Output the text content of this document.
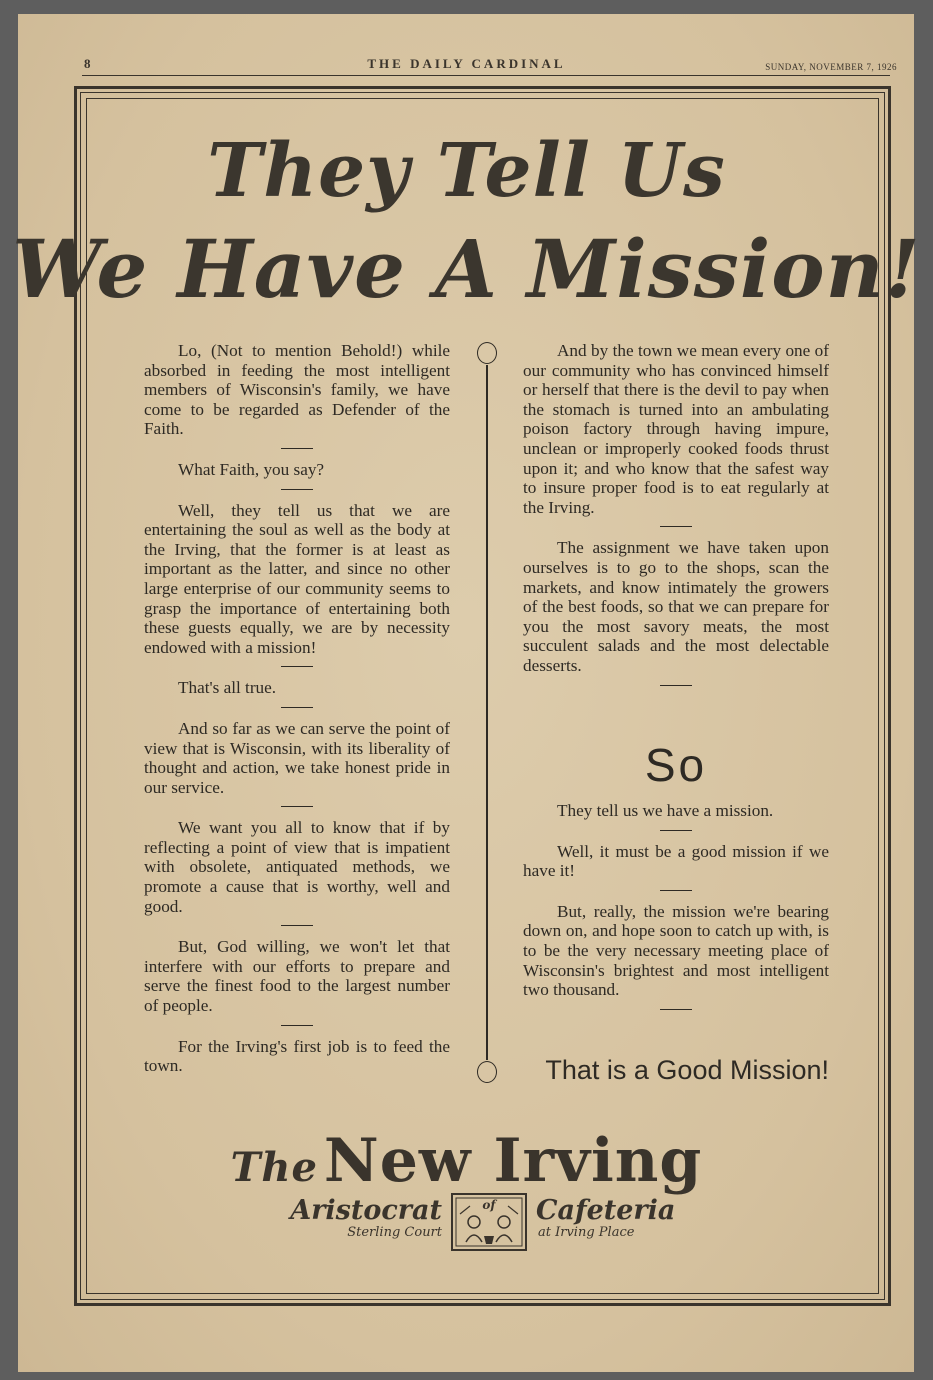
8	THE DAILY CARDINAL	SUNDAY, NOVEMBER 7, 1926
They Tell Us
We Have A Mission!

Lo, (Not to mention Behold!) while absorbed in feeding the most intelligent members of Wisconsin's family, we have come to be regarded as Defender of the Faith.

What Faith, you say?

Well, they tell us that we are entertaining the soul as well as the body at the Irving, that the former is at least as important as the latter, and since no other large enterprise of our community seems to grasp the importance of entertaining both these guests equally, we are by necessity endowed with a mission!

That's all true.

And so far as we can serve the point of view that is Wisconsin, with its liberality of thought and action, we take honest pride in our service.

We want you all to know that if by reflecting a point of view that is impatient with obsolete, antiquated methods, we promote a cause that is worthy, well and good.

But, God willing, we won't let that interfere with our efforts to prepare and serve the finest food to the largest number of people.

For the Irving's first job is to feed the town.

And by the town we mean every one of our community who has convinced himself or herself that there is the devil to pay when the stomach is turned into an ambulating poison factory through having impure, unclean or improperly cooked foods thrust upon it; and who know that the safest way to insure proper food is to eat regularly at the Irving.

The assignment we have taken upon ourselves is to go to the shops, scan the markets, and know intimately the growers of the best foods, so that we can prepare for you the most savory meats, the most succulent salads and the most delectable desserts.

So

They tell us we have a mission.

Well, it must be a good mission if we have it!

But, really, the mission we're bearing down on, and hope soon to catch up with, is to be the very necessary meeting place of Wisconsin's brightest and most intelligent two thousand.

That is a Good Mission!
The New Irving
Aristocrat
Sterling Court
Cafeteria
at Irving Place
of
